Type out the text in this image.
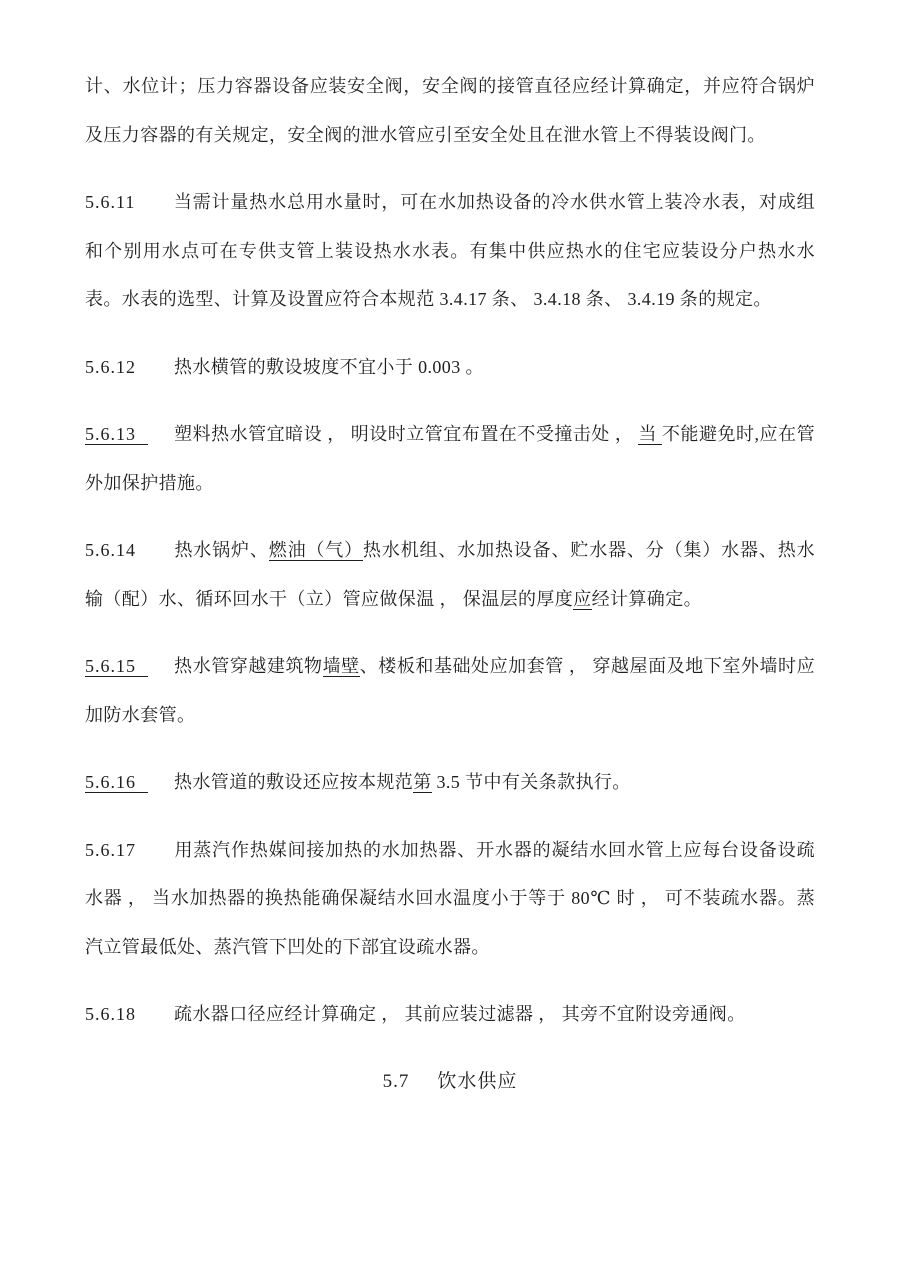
计、水位计；压力容器设备应装安全阀，安全阀的接管直径应经计算确定，并应符合锅炉及压力容器的有关规定，安全阀的泄水管应引至安全处且在泄水管上不得装设阀门。

5.6.11 当需计量热水总用水量时，可在水加热设备的冷水供水管上装冷水表，对成组和个别用水点可在专供支管上装设热水水表。有集中供应热水的住宅应装设分户热水水表。水表的选型、计算及设置应符合本规范 3.4.17 条、 3.4.18 条、 3.4.19 条的规定。

5.6.12 热水横管的敷设坡度不宜小于 0.003 。

5.6.13 塑料热水管宜暗设 ， 明设时立管宜布置在不受撞击处 ， 当 不能避免时,应在管外加保护措施。

5.6.14 热水锅炉、燃油（气）热水机组、水加热设备、贮水器、分（集）水器、热水输（配）水、循环回水干（立）管应做保温 ， 保温层的厚度应经计算确定。

5.6.15 热水管穿越建筑物墙壁、楼板和基础处应加套管 ， 穿越屋面及地下室外墙时应加防水套管。

5.6.16 热水管道的敷设还应按本规范第 3.5 节中有关条款执行。

5.6.17 用蒸汽作热媒间接加热的水加热器、开水器的凝结水回水管上应每台设备设疏水器 ， 当水加热器的换热能确保凝结水回水温度小于等于 80℃ 时 ， 可不装疏水器。蒸汽立管最低处、蒸汽管下凹处的下部宜设疏水器。

5.6.18 疏水器口径应经计算确定 ， 其前应装过滤器 ， 其旁不宜附设旁通阀。

5.7 饮水供应
